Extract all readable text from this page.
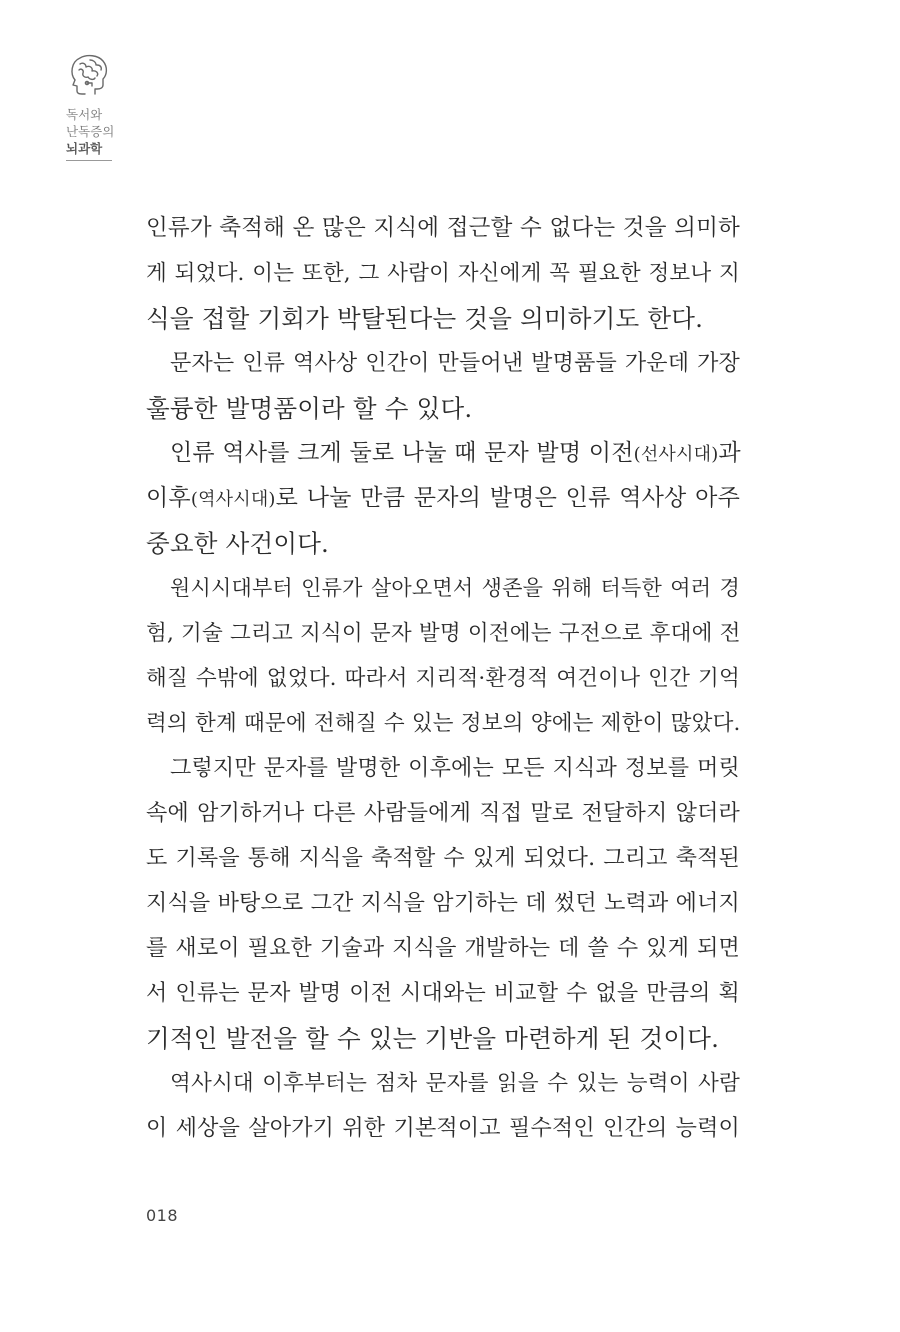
독서와
난독증의
뇌과학
인류가 축적해 온 많은 지식에 접근할 수 없다는 것을 의미하
게 되었다. 이는 또한, 그 사람이 자신에게 꼭 필요한 정보나 지
식을 접할 기회가 박탈된다는 것을 의미하기도 한다.
문자는 인류 역사상 인간이 만들어낸 발명품들 가운데 가장
훌륭한 발명품이라 할 수 있다.
인류 역사를 크게 둘로 나눌 때 문자 발명 이전(선사시대)과
이후(역사시대)로 나눌 만큼 문자의 발명은 인류 역사상 아주
중요한 사건이다.
원시시대부터 인류가 살아오면서 생존을 위해 터득한 여러 경
험, 기술 그리고 지식이 문자 발명 이전에는 구전으로 후대에 전
해질 수밖에 없었다. 따라서 지리적·환경적 여건이나 인간 기억
력의 한계 때문에 전해질 수 있는 정보의 양에는 제한이 많았다.
그렇지만 문자를 발명한 이후에는 모든 지식과 정보를 머릿
속에 암기하거나 다른 사람들에게 직접 말로 전달하지 않더라
도 기록을 통해 지식을 축적할 수 있게 되었다. 그리고 축적된
지식을 바탕으로 그간 지식을 암기하는 데 썼던 노력과 에너지
를 새로이 필요한 기술과 지식을 개발하는 데 쓸 수 있게 되면
서 인류는 문자 발명 이전 시대와는 비교할 수 없을 만큼의 획
기적인 발전을 할 수 있는 기반을 마련하게 된 것이다.
역사시대 이후부터는 점차 문자를 읽을 수 있는 능력이 사람
이 세상을 살아가기 위한 기본적이고 필수적인 인간의 능력이
018
